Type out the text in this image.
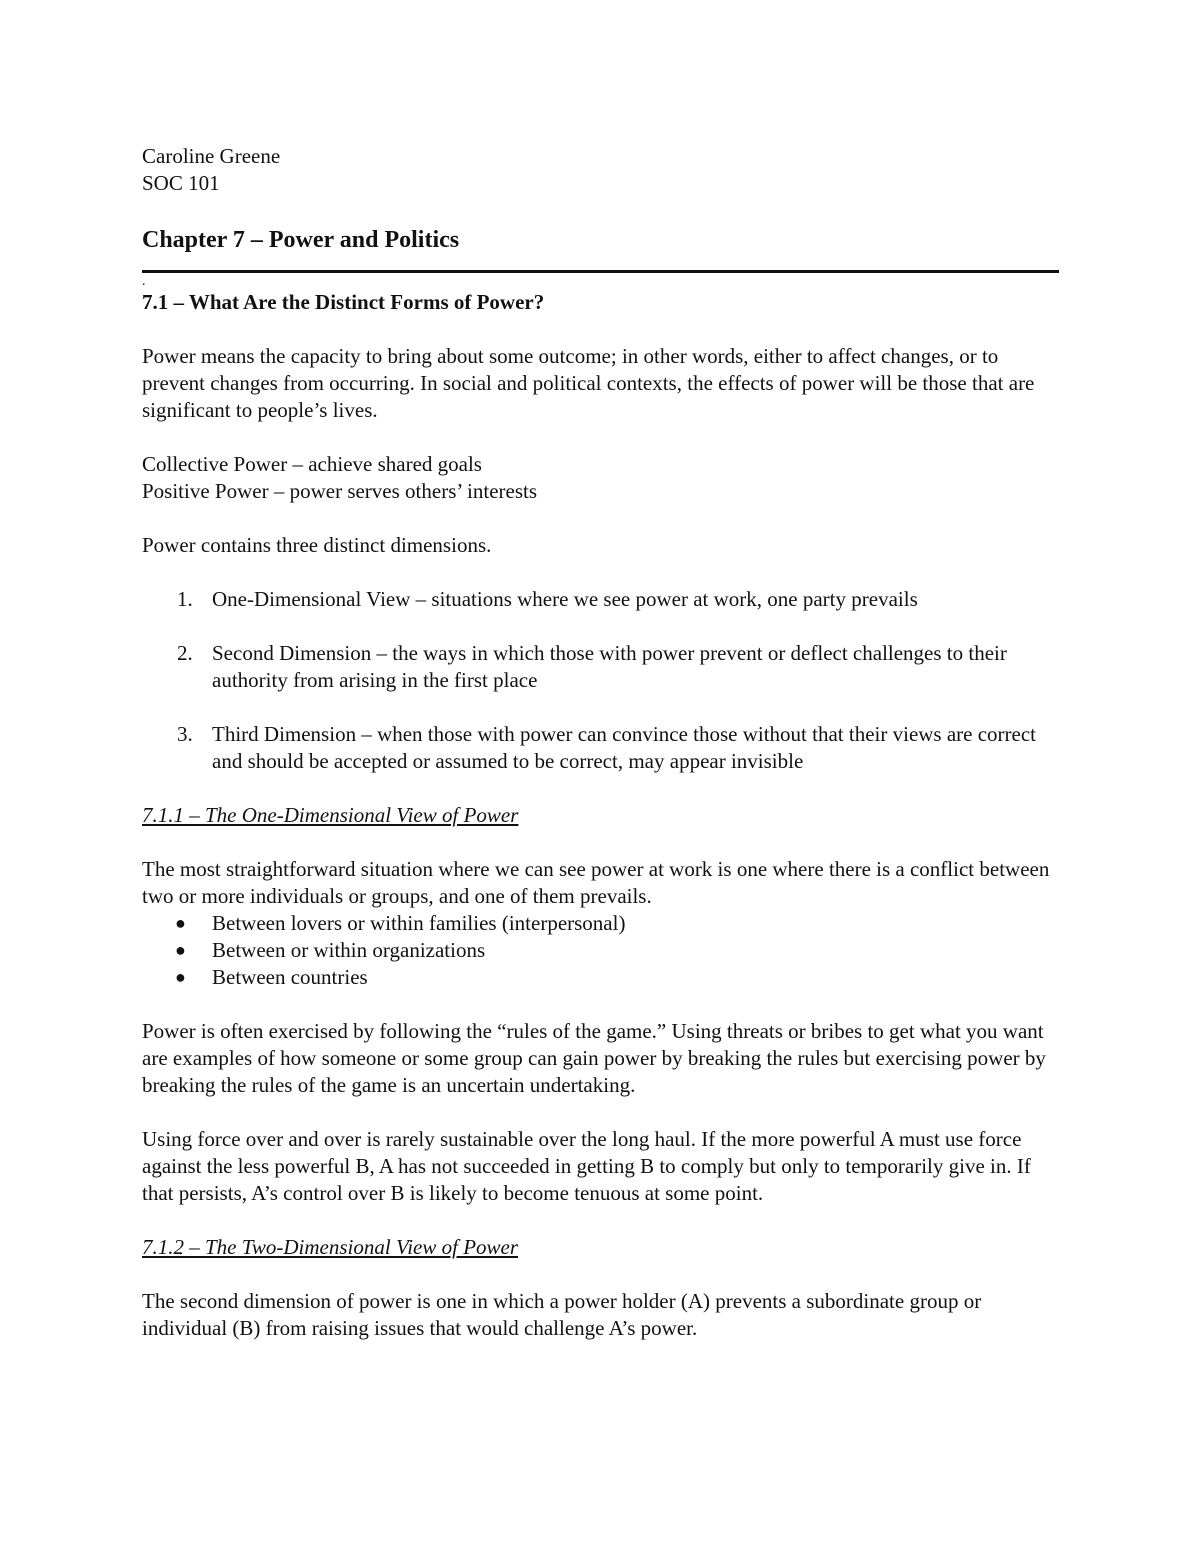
Caroline Greene
SOC 101

Chapter 7 – Power and Politics

.

7.1 – What Are the Distinct Forms of Power?

Power means the capacity to bring about some outcome; in other words, either to affect changes, or to prevent changes from occurring. In social and political contexts, the effects of power will be those that are significant to people’s lives.

Collective Power – achieve shared goals

Positive Power – power serves others’ interests

Power contains three distinct dimensions.

1. One-Dimensional View – situations where we see power at work, one party prevails
2. Second Dimension – the ways in which those with power prevent or deflect challenges to their authority from arising in the first place
3. Third Dimension – when those with power can convince those without that their views are correct and should be accepted or assumed to be correct, may appear invisible

7.1.1 – The One-Dimensional View of Power

The most straightforward situation where we can see power at work is one where there is a conflict between two or more individuals or groups, and one of them prevails.

●	Between lovers or within families (interpersonal)
●	Between or within organizations
●	Between countries

Power is often exercised by following the “rules of the game.” Using threats or bribes to get what you want are examples of how someone or some group can gain power by breaking the rules but exercising power by breaking the rules of the game is an uncertain undertaking.

Using force over and over is rarely sustainable over the long haul. If the more powerful A must use force against the less powerful B, A has not succeeded in getting B to comply but only to temporarily give in. If that persists, A’s control over B is likely to become tenuous at some point.

7.1.2 – The Two-Dimensional View of Power

The second dimension of power is one in which a power holder (A) prevents a subordinate group or individual (B) from raising issues that would challenge A’s power.
